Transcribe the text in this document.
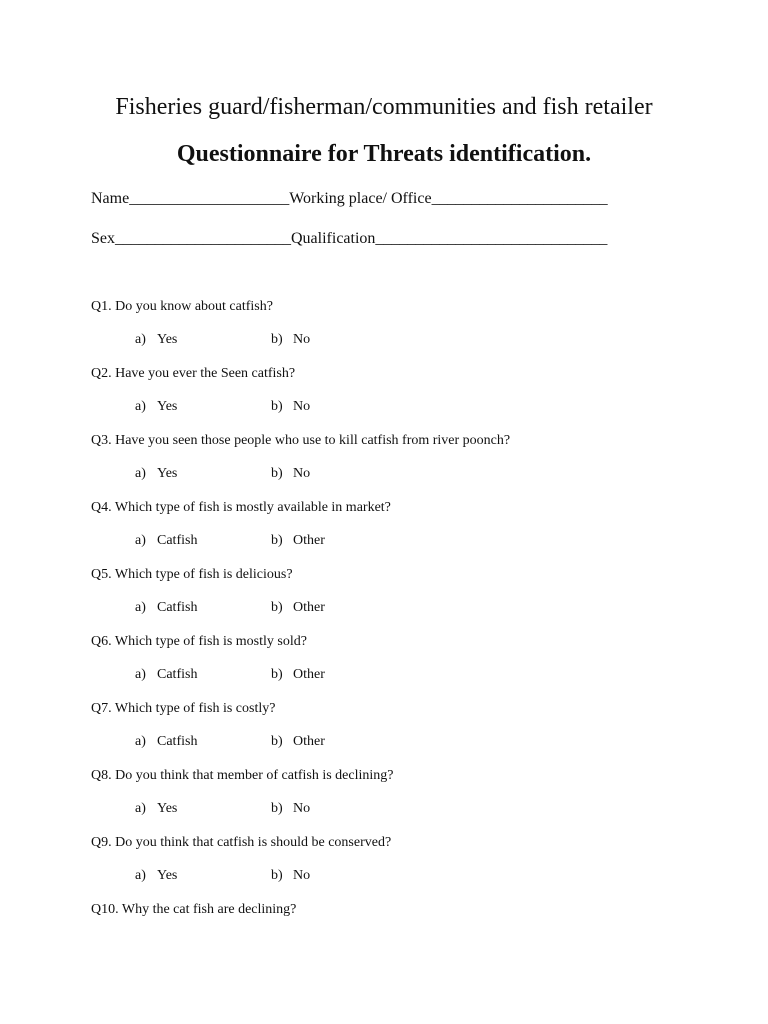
Fisheries guard/fisherman/communities and fish retailer
Questionnaire for Threats identification.
Name____________________Working place/ Office______________________
Sex______________________Qualification_____________________________
Q1. Do you know about catfish?
a) Yes	b) No
Q2. Have you ever the Seen catfish?
a) Yes	b) No
Q3. Have you seen those people who use to kill catfish from river poonch?
a) Yes	b) No
Q4. Which type of fish is mostly available in market?
a) Catfish	b) Other
Q5. Which type of fish is delicious?
a) Catfish	b) Other
Q6. Which type of fish is mostly sold?
a) Catfish	b) Other
Q7. Which type of fish is costly?
a) Catfish	b) Other
Q8. Do you think that member of catfish is declining?
a) Yes	b) No
Q9. Do you think that catfish is should be conserved?
a) Yes	b) No
Q10. Why the cat fish are declining?
